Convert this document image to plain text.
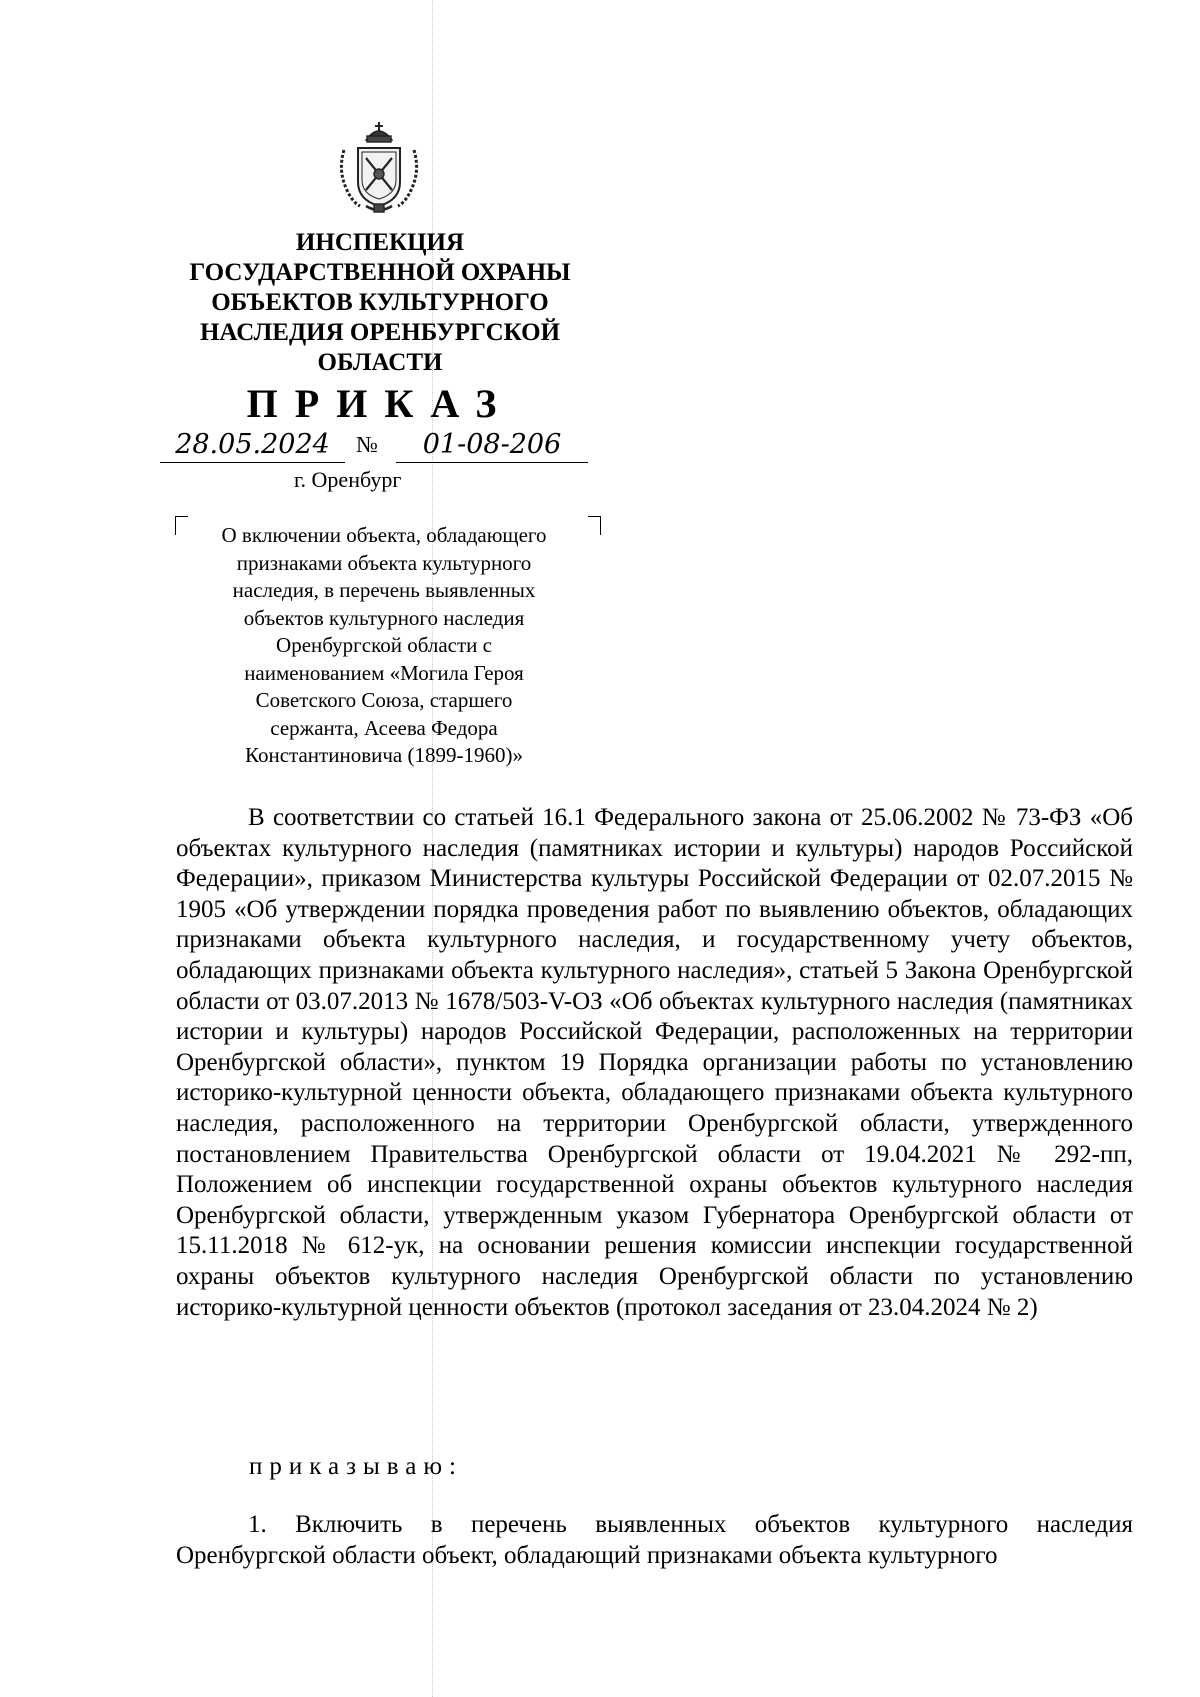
ИНСПЕКЦИЯ
ГОСУДАРСТВЕННОЙ ОХРАНЫ
ОБЪЕКТОВ КУЛЬТУРНОГО
НАСЛЕДИЯ ОРЕНБУРГСКОЙ
ОБЛАСТИ
ПРИКАЗ
28.05.2024	№	01-08-206
г. Оренбург
О включении объекта, обладающего
признаками объекта культурного
наследия, в перечень выявленных
объектов культурного наследия
Оренбургской области с
наименованием «Могила Героя
Советского Союза, старшего
сержанта, Асеева Федора
Константиновича (1899-1960)»

В соответствии со статьей 16.1 Федерального закона от 25.06.2002 № 73-ФЗ «Об объектах культурного наследия (памятниках истории и культуры) народов Российской Федерации», приказом Министерства культуры Российской Федерации от 02.07.2015 № 1905 «Об утверждении порядка проведения работ по выявлению объектов, обладающих признаками объекта культурного наследия, и государственному учету объектов, обладающих признаками объекта культурного наследия», статьей 5 Закона Оренбургской области от 03.07.2013 № 1678/503-V-ОЗ «Об объектах культурного наследия (памятниках истории и культуры) народов Российской Федерации, расположенных на территории Оренбургской области», пунктом 19 Порядка организации работы по установлению историко-культурной ценности объекта, обладающего признаками объекта культурного наследия, расположенного на территории Оренбургской области, утвержденного постановлением Правительства Оренбургской области от 19.04.2021 № 292-пп, Положением об инспекции государственной охраны объектов культурного наследия Оренбургской области, утвержденным указом Губернатора Оренбургской области от 15.11.2018 № 612-ук, на основании решения комиссии инспекции государственной охраны объектов культурного наследия Оренбургской области по установлению историко-культурной ценности объектов (протокол заседания от 23.04.2024 № 2)

приказываю:

1. Включить в перечень выявленных объектов культурного наследия Оренбургской области объект, обладающий признаками объекта культурного
